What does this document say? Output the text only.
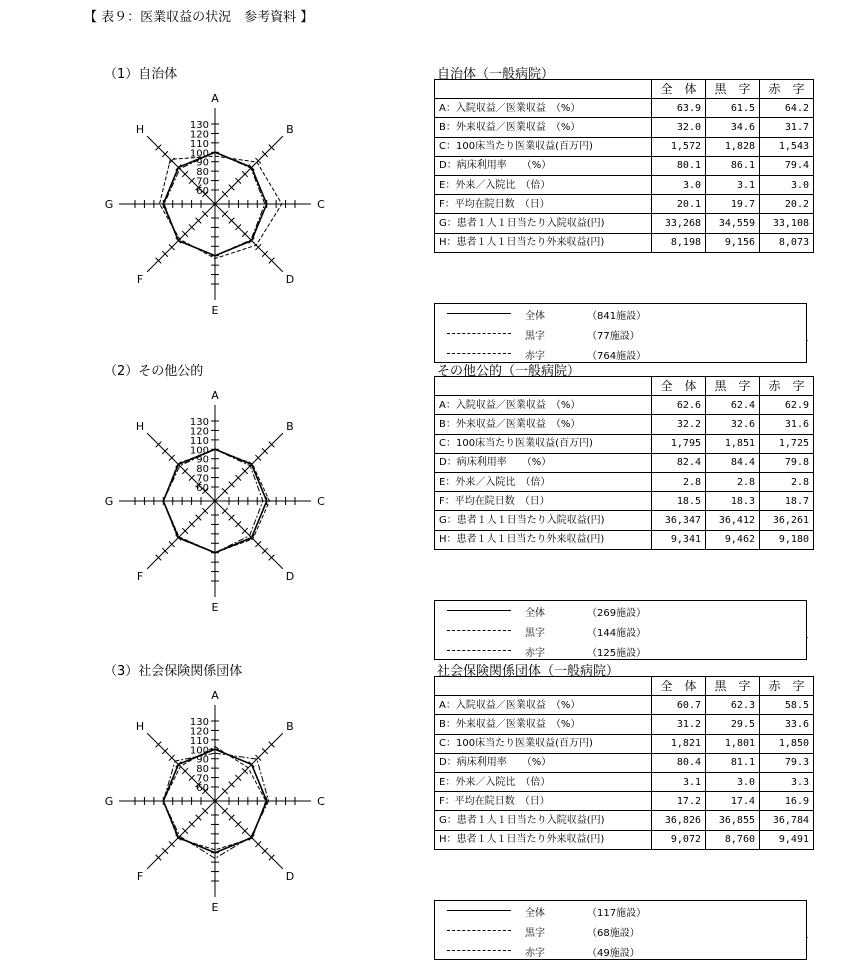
【 表９：医業収益の状況　参考資料 】
（1）自治体
A
B
C
D
E
F
G
H
60
70
80
90
100
110
120
130
自治体（一般病院）
	全　体	黒　字	赤　字
A：入院収益／医業収益　（%）	63.9	61.5	64.2
B：外来収益／医業収益　（%）	32.0	34.6	31.7
C：100床当たり医業収益(百万円)	1,572	1,828	1,543
D：病床利用率　　（%）	80.1	86.1	79.4
E：外来／入院比　（倍）	3.0	3.1	3.0
F：平均在院日数　（日）	20.1	19.7	20.2
G：患者１人１日当たり入院収益(円)	33,268	34,559	33,108
H：患者１人１日当たり外来収益(円)	8,198	9,156	8,073
全体	（841施設）
黒字	（77施設）
赤字	（764施設）
．
（2）その他公的
A
B
C
D
E
F
G
H
60
70
80
90
100
110
120
130
その他公的（一般病院）
	全　体	黒　字	赤　字
A：入院収益／医業収益　（%）	62.6	62.4	62.9
B：外来収益／医業収益　（%）	32.2	32.6	31.6
C：100床当たり医業収益(百万円)	1,795	1,851	1,725
D：病床利用率　　（%）	82.4	84.4	79.8
E：外来／入院比　（倍）	2.8	2.8	2.8
F：平均在院日数　（日）	18.5	18.3	18.7
G：患者１人１日当たり入院収益(円)	36,347	36,412	36,261
H：患者１人１日当たり外来収益(円)	9,341	9,462	9,180
全体	（269施設）
黒字	（144施設）
赤字	（125施設）
．
（3）社会保険関係団体
A
B
C
D
E
F
G
H
60
70
80
90
100
110
120
130
社会保険関係団体（一般病院）
	全　体	黒　字	赤　字
A：入院収益／医業収益　（%）	60.7	62.3	58.5
B：外来収益／医業収益　（%）	31.2	29.5	33.6
C：100床当たり医業収益(百万円)	1,821	1,801	1,850
D：病床利用率　　（%）	80.4	81.1	79.3
E：外来／入院比　（倍）	3.1	3.0	3.3
F：平均在院日数　（日）	17.2	17.4	16.9
G：患者１人１日当たり入院収益(円)	36,826	36,855	36,784
H：患者１人１日当たり外来収益(円)	9,072	8,760	9,491
全体	（117施設）
黒字	（68施設）
赤字	（49施設）
．
